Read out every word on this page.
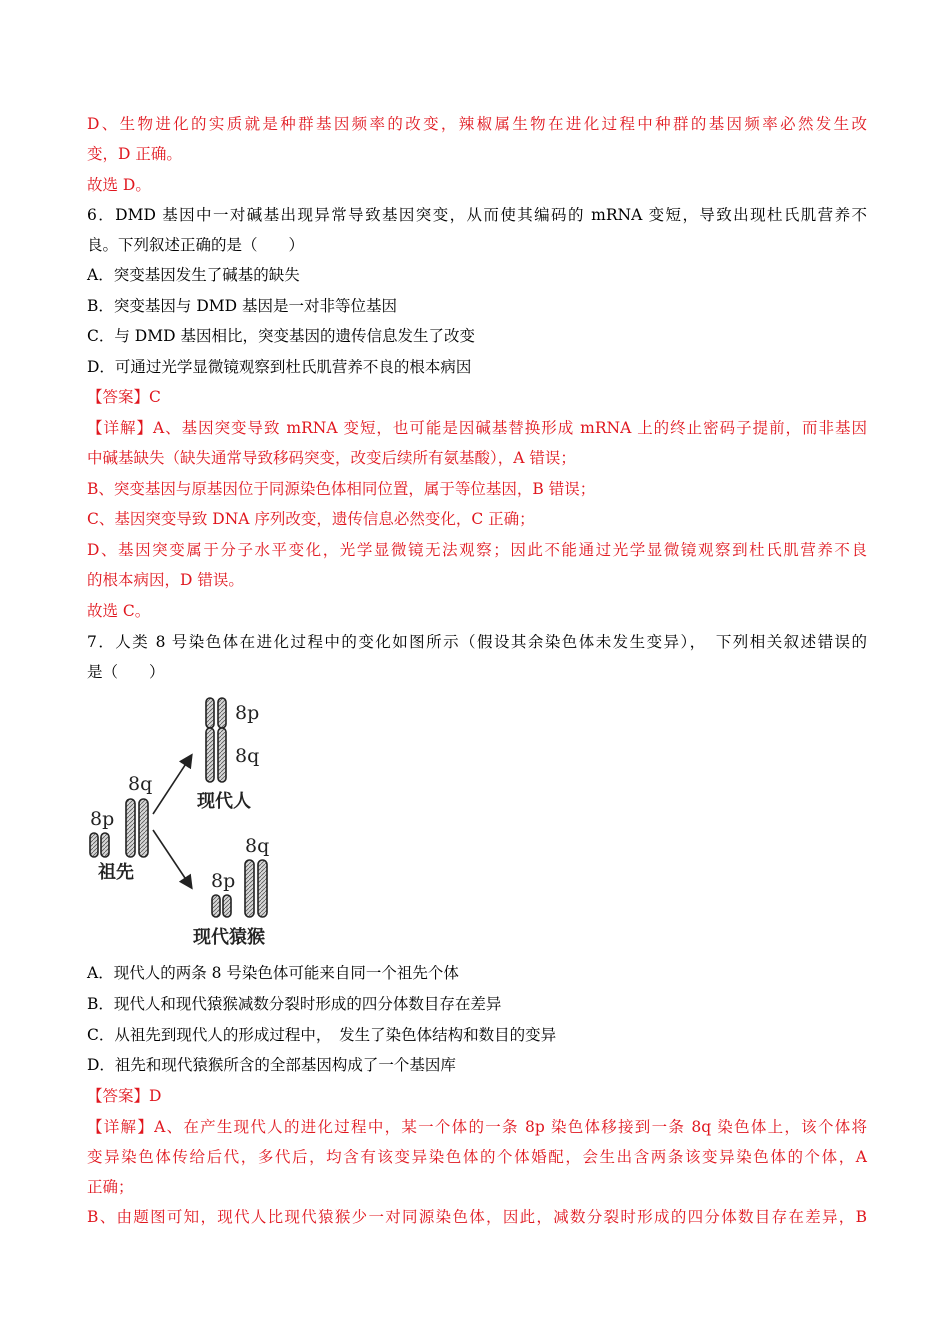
D、生物进化的实质就是种群基因频率的改变，辣椒属生物在进化过程中种群的基因频率必然发生改
变，D 正确。
故选 D。
6．DMD 基因中一对碱基出现异常导致基因突变，从而使其编码的 mRNA 变短，导致出现杜氏肌营养不
良。下列叙述正确的是（　　）
A．突变基因发生了碱基的缺失
B．突变基因与 DMD 基因是一对非等位基因
C．与 DMD 基因相比，突变基因的遗传信息发生了改变
D．可通过光学显微镜观察到杜氏肌营养不良的根本病因
【答案】C
【详解】A、基因突变导致 mRNA 变短，也可能是因碱基替换形成 mRNA 上的终止密码子提前，而非基因
中碱基缺失（缺失通常导致移码突变，改变后续所有氨基酸），A 错误；
B、突变基因与原基因位于同源染色体相同位置，属于等位基因，B 错误；
C、基因突变导致 DNA 序列改变，遗传信息必然变化，C 正确；
D、基因突变属于分子水平变化，光学显微镜无法观察；因此不能通过光学显微镜观察到杜氏肌营养不良
的根本病因，D 错误。
故选 C。
7．人类 8 号染色体在进化过程中的变化如图所示（假设其余染色体未发生变异），　下列相关叙述错误的
是（　　）
8p
8q
现代人
8p
8q
祖先	8p
8q
现代猿猴
A．现代人的两条 8 号染色体可能来自同一个祖先个体
B．现代人和现代猿猴减数分裂时形成的四分体数目存在差异
C．从祖先到现代人的形成过程中，　发生了染色体结构和数目的变异
D．祖先和现代猿猴所含的全部基因构成了一个基因库
【答案】D
【详解】A、在产生现代人的进化过程中，某一个体的一条 8p 染色体移接到一条 8q 染色体上，该个体将
变异染色体传给后代，多代后，均含有该变异染色体的个体婚配，会生出含两条该变异染色体的个体，A
正确；
B、由题图可知，现代人比现代猿猴少一对同源染色体，因此，减数分裂时形成的四分体数目存在差异，B
